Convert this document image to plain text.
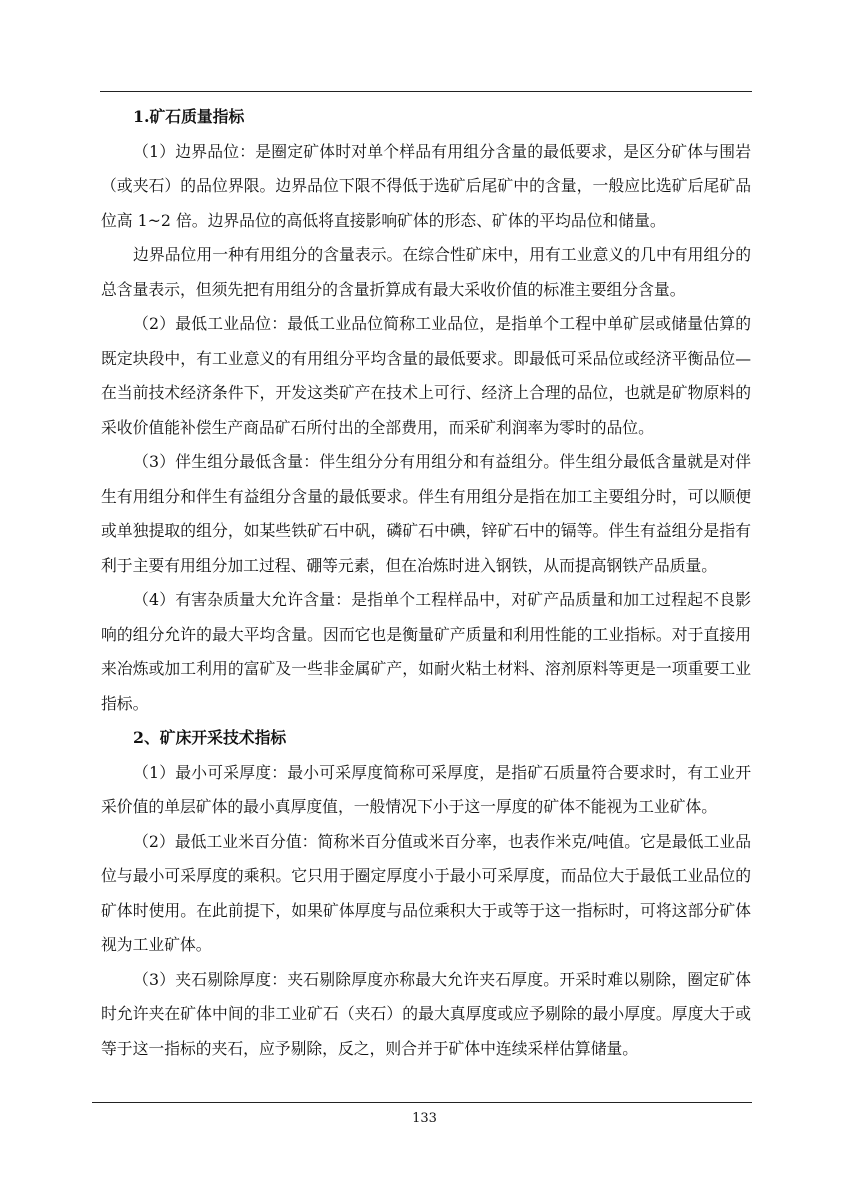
1.矿石质量指标

（1）边界品位：是圈定矿体时对单个样品有用组分含量的最低要求，是区分矿体与围岩（或夹石）的品位界限。边界品位下限不得低于选矿后尾矿中的含量，一般应比选矿后尾矿品位高 1~2 倍。边界品位的高低将直接影响矿体的形态、矿体的平均品位和储量。

边界品位用一种有用组分的含量表示。在综合性矿床中，用有工业意义的几中有用组分的总含量表示，但须先把有用组分的含量折算成有最大采收价值的标准主要组分含量。

（2）最低工业品位：最低工业品位简称工业品位，是指单个工程中单矿层或储量估算的既定块段中，有工业意义的有用组分平均含量的最低要求。即最低可采品位或经济平衡品位—在当前技术经济条件下，开发这类矿产在技术上可行、经济上合理的品位，也就是矿物原料的采收价值能补偿生产商品矿石所付出的全部费用，而采矿利润率为零时的品位。

（3）伴生组分最低含量：伴生组分分有用组分和有益组分。伴生组分最低含量就是对伴生有用组分和伴生有益组分含量的最低要求。伴生有用组分是指在加工主要组分时，可以顺便或单独提取的组分，如某些铁矿石中矾，磷矿石中碘，锌矿石中的镉等。伴生有益组分是指有利于主要有用组分加工过程、硼等元素，但在冶炼时进入钢铁，从而提高钢铁产品质量。

（4）有害杂质量大允许含量：是指单个工程样品中，对矿产品质量和加工过程起不良影响的组分允许的最大平均含量。因而它也是衡量矿产质量和利用性能的工业指标。对于直接用来冶炼或加工利用的富矿及一些非金属矿产，如耐火粘土材料、溶剂原料等更是一项重要工业指标。

2、矿床开采技术指标

（1）最小可采厚度：最小可采厚度简称可采厚度，是指矿石质量符合要求时，有工业开采价值的单层矿体的最小真厚度值，一般情况下小于这一厚度的矿体不能视为工业矿体。

（2）最低工业米百分值：简称米百分值或米百分率，也表作米克/吨值。它是最低工业品位与最小可采厚度的乘积。它只用于圈定厚度小于最小可采厚度，而品位大于最低工业品位的矿体时使用。在此前提下，如果矿体厚度与品位乘积大于或等于这一指标时，可将这部分矿体视为工业矿体。

（3）夹石剔除厚度：夹石剔除厚度亦称最大允许夹石厚度。开采时难以剔除，圈定矿体时允许夹在矿体中间的非工业矿石（夹石）的最大真厚度或应予剔除的最小厚度。厚度大于或等于这一指标的夹石，应予剔除，反之，则合并于矿体中连续采样估算储量。

133
